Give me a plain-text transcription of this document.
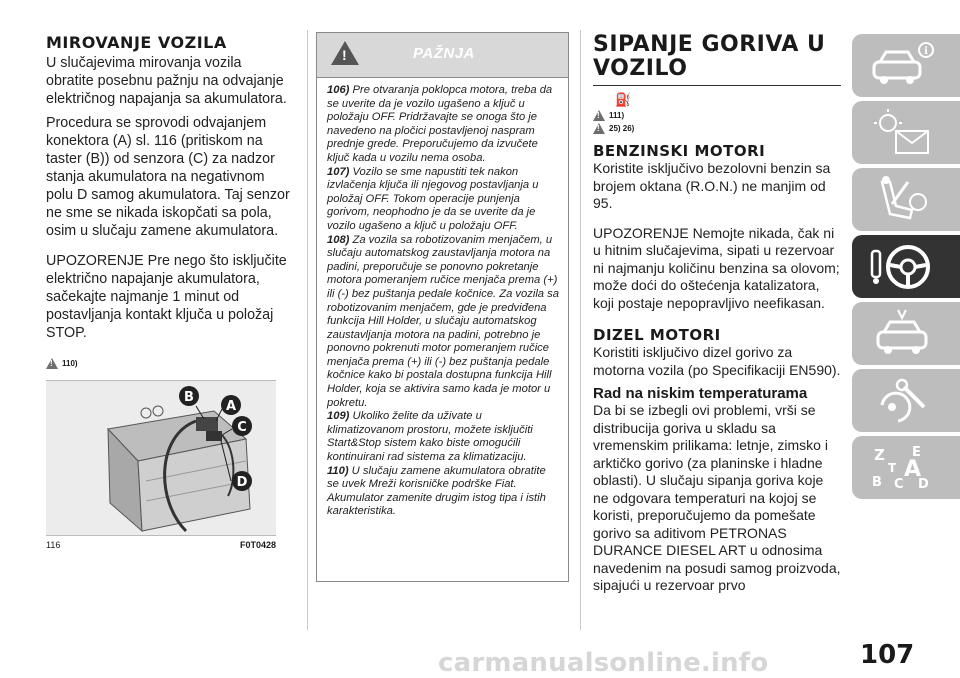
MIROVANJE VOZILA

U slučajevima mirovanja vozila obratite posebnu pažnju na odvajanje električnog napajanja sa akumulatora.

Procedura se sprovodi odvajanjem konektora (A) sl. 116 (pritiskom na taster (B)) od senzora (C) za nadzor stanja akumulatora na negativnom polu D samog akumulatora. Taj senzor ne sme se nikada iskopčati sa pola, osim u slučaju zamene akumulatora.

UPOZORENJE Pre nego što isključite električno napajanje akumulatora, sačekajte najmanje 1 minut od postavljanja kontakt ključa u položaj STOP.

!
110)
B
A
C
D
116	F0T0428
!
PAŽNJA
106) Pre otvaranja poklopca motora, treba da se uverite da je vozilo ugašeno a ključ u položaju OFF. Pridržavajte se onoga što je navedeno na pločici postavljenoj naspram prednje grede. Preporučujemo da izvučete ključ kada u vozilu nema osoba.
107) Vozilo se sme napustiti tek nakon izvlačenja ključa ili njegovog postavljanja u položaj OFF. Tokom operacije punjenja gorivom, neophodno je da se uverite da je vozilo ugašeno a ključ u položaju OFF.
108) Za vozila sa robotizovanim menjačem, u slučaju automatskog zaustavljanja motora na padini, preporučuje se ponovno pokretanje motora pomeranjem ručice menjača prema (+) ili (-) bez puštanja pedale kočnice. Za vozila sa robotizovanim menjačem, gde je predviđena funkcija Hill Holder, u slučaju automatskog zaustavljanja motora na padini, potrebno je ponovno pokrenuti motor pomeranjem ručice menjača prema (+) ili (-) bez puštanja pedale kočnice kako bi postala dostupna funkcija Hill Holder, koja se aktivira samo kada je motor u pokretu.
109) Ukoliko želite da uživate u klimatizovanom prostoru, možete isključiti Start&Stop sistem kako biste omogućili kontinuirani rad sistema za klimatizaciju.
110) U slučaju zamene akumulatora obratite se uvek Mreži korisničke podrške Fiat. Akumulator zamenite drugim istog tipa i istih karakteristika.
SIPANJE GORIVA U VOZILO
⛽
!
111)
!
25) 26)
BENZINSKI MOTORI

Koristite isključivo bezolovni benzin sa brojem oktana (R.O.N.) ne manjim od 95.

UPOZORENJE Nemojte nikada, čak ni u hitnim slučajevima, sipati u rezervoar ni najmanju količinu benzina sa olovom; može doći do oštećenja katalizatora, koji postaje nepopravljivo neefikasan.

DIZEL MOTORI

Koristiti isključivo dizel gorivo za motorna vozila (po Specifikaciji EN590).

Rad na niskim temperaturama

Da bi se izbegli ovi problemi, vrši se distribucija goriva u skladu sa vremenskim prilikama: letnje, zimsko i arktičko gorivo (za planinske i hladne oblasti). U slučaju sipanja goriva koje ne odgovara temperaturi na kojoj se koristi, preporučujemo da pomešate gorivo sa aditivom PETRONAS DURANCE DIESEL ART u odnosima navedenim na posudi samog proizvoda, sipajući u rezervoar prvo

i
Z E
B C D
A
T
carmanualsonline.info	107
